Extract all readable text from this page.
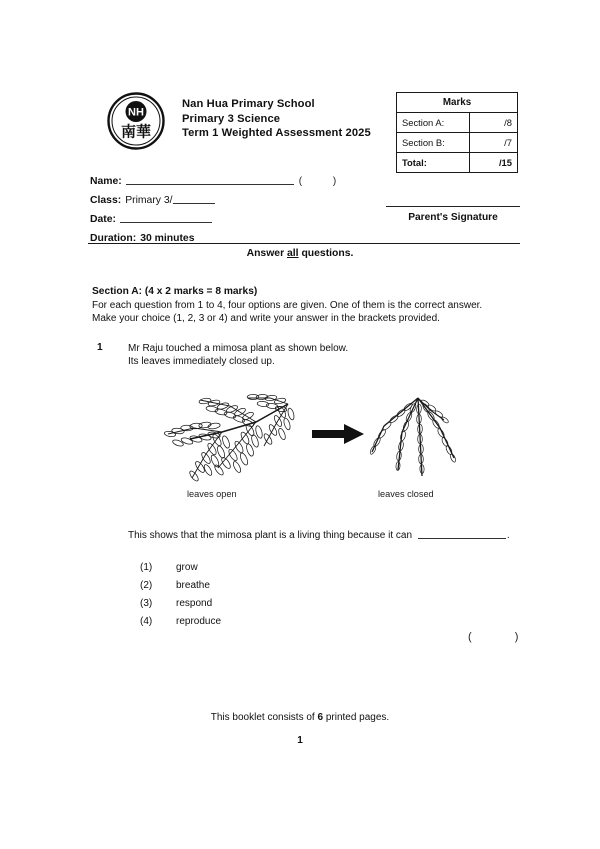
NH
南華
Nan Hua Primary School
Primary 3 Science
Term 1 Weighted Assessment 2025
Marks	
Section A:	/8
Section B:	/7
Total:	/15
Name:	( )
Class: Primary 3/
Date:
Duration: 30 minutes
Parent's Signature
Answer all questions.
Section A: (4 x 2 marks = 8 marks)
For each question from 1 to 4, four options are given. One of them is the correct answer.
Make your choice (1, 2, 3 or 4) and write your answer in the brackets provided.
1	Mr Raju touched a mimosa plant as shown below.
Its leaves immediately closed up.
leaves open	leaves closed
This shows that the mimosa plant is a living thing because it can	.
(1)	grow
(2)	breathe
(3)	respond
(4)	reproduce
( )
This booklet consists of 6 printed pages.
1
